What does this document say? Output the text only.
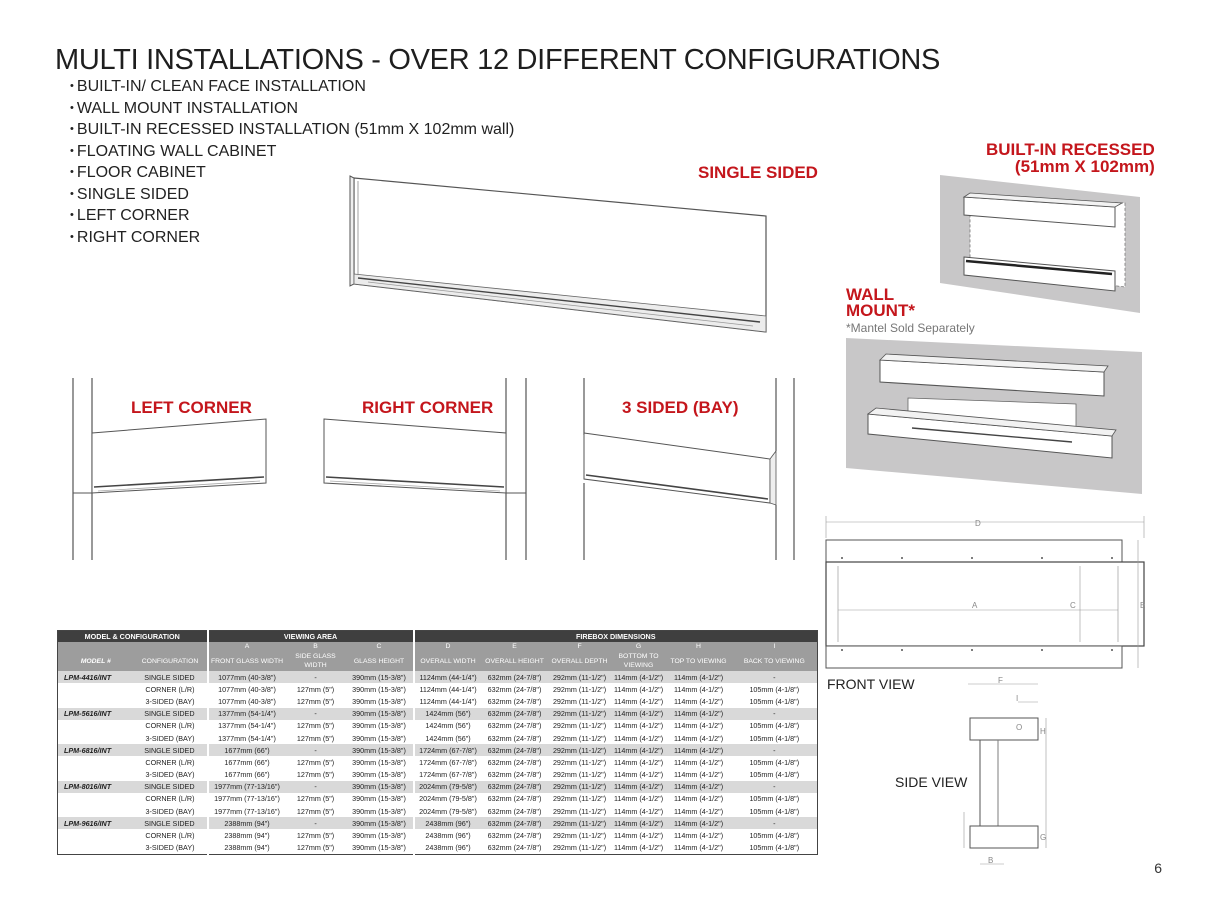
MULTI INSTALLATIONS - OVER 12 DIFFERENT CONFIGURATIONS
• BUILT-IN/ CLEAN FACE INSTALLATION
• WALL MOUNT INSTALLATION
• BUILT-IN RECESSED INSTALLATION (51mm X 102mm wall)
• FLOATING WALL CABINET
• FLOOR CABINET
• SINGLE SIDED
• LEFT CORNER
• RIGHT CORNER
SINGLE SIDED
BUILT-IN RECESSED
(51mm X 102mm)
WALL
MOUNT*
*Mantel Sold Separately
LEFT CORNER	RIGHT CORNER	3 SIDED (BAY)
D
A	C	E
FRONT VIEW	F
I
H
O
G
B
SIDE VIEW
MODEL & CONFIGURATION		VIEWING AREA			FIREBOX DIMENSIONS					
		A	B	C	D	E	F	G	H	I
MODEL #	CONFIGURATION	FRONT GLASS WIDTH	SIDE GLASS WIDTH	GLASS HEIGHT	OVERALL WIDTH	OVERALL HEIGHT	OVERALL DEPTH	BOTTOM TO VIEWING	TOP TO VIEWING	BACK TO VIEWING
LPM-4416/INT	SINGLE SIDED	1077mm (40-3/8")	-	390mm (15-3/8")	1124mm (44-1/4")	632mm (24-7/8")	292mm (11-1/2")	114mm (4-1/2")	114mm (4-1/2")	-
	CORNER (L/R)	1077mm (40-3/8")	127mm (5")	390mm (15-3/8")	1124mm (44-1/4")	632mm (24-7/8")	292mm (11-1/2")	114mm (4-1/2")	114mm (4-1/2")	105mm (4-1/8")
	3-SIDED (BAY)	1077mm (40-3/8")	127mm (5")	390mm (15-3/8")	1124mm (44-1/4")	632mm (24-7/8")	292mm (11-1/2")	114mm (4-1/2")	114mm (4-1/2")	105mm (4-1/8")
LPM-5616/INT	SINGLE SIDED	1377mm (54-1/4")	-	390mm (15-3/8")	1424mm (56")	632mm (24-7/8")	292mm (11-1/2")	114mm (4-1/2")	114mm (4-1/2")	-
	CORNER (L/R)	1377mm (54-1/4")	127mm (5")	390mm (15-3/8")	1424mm (56")	632mm (24-7/8")	292mm (11-1/2")	114mm (4-1/2")	114mm (4-1/2")	105mm (4-1/8")
	3-SIDED (BAY)	1377mm (54-1/4")	127mm (5")	390mm (15-3/8")	1424mm (56")	632mm (24-7/8")	292mm (11-1/2")	114mm (4-1/2")	114mm (4-1/2")	105mm (4-1/8")
LPM-6816/INT	SINGLE SIDED	1677mm (66")	-	390mm (15-3/8")	1724mm (67-7/8")	632mm (24-7/8")	292mm (11-1/2")	114mm (4-1/2")	114mm (4-1/2")	-
	CORNER (L/R)	1677mm (66")	127mm (5")	390mm (15-3/8")	1724mm (67-7/8")	632mm (24-7/8")	292mm (11-1/2")	114mm (4-1/2")	114mm (4-1/2")	105mm (4-1/8")
	3-SIDED (BAY)	1677mm (66")	127mm (5")	390mm (15-3/8")	1724mm (67-7/8")	632mm (24-7/8")	292mm (11-1/2")	114mm (4-1/2")	114mm (4-1/2")	105mm (4-1/8")
LPM-8016/INT	SINGLE SIDED	1977mm (77-13/16")	-	390mm (15-3/8")	2024mm (79-5/8")	632mm (24-7/8")	292mm (11-1/2")	114mm (4-1/2")	114mm (4-1/2")	-
	CORNER (L/R)	1977mm (77-13/16")	127mm (5")	390mm (15-3/8")	2024mm (79-5/8")	632mm (24-7/8")	292mm (11-1/2")	114mm (4-1/2")	114mm (4-1/2")	105mm (4-1/8")
	3-SIDED (BAY)	1977mm (77-13/16")	127mm (5")	390mm (15-3/8")	2024mm (79-5/8")	632mm (24-7/8")	292mm (11-1/2")	114mm (4-1/2")	114mm (4-1/2")	105mm (4-1/8")
LPM-9616/INT	SINGLE SIDED	2388mm (94")	-	390mm (15-3/8")	2438mm (96")	632mm (24-7/8")	292mm (11-1/2")	114mm (4-1/2")	114mm (4-1/2")	-
	CORNER (L/R)	2388mm (94")	127mm (5")	390mm (15-3/8")	2438mm (96")	632mm (24-7/8")	292mm (11-1/2")	114mm (4-1/2")	114mm (4-1/2")	105mm (4-1/8")
	3-SIDED (BAY)	2388mm (94")	127mm (5")	390mm (15-3/8")	2438mm (96")	632mm (24-7/8")	292mm (11-1/2")	114mm (4-1/2")	114mm (4-1/2")	105mm (4-1/8")
6
